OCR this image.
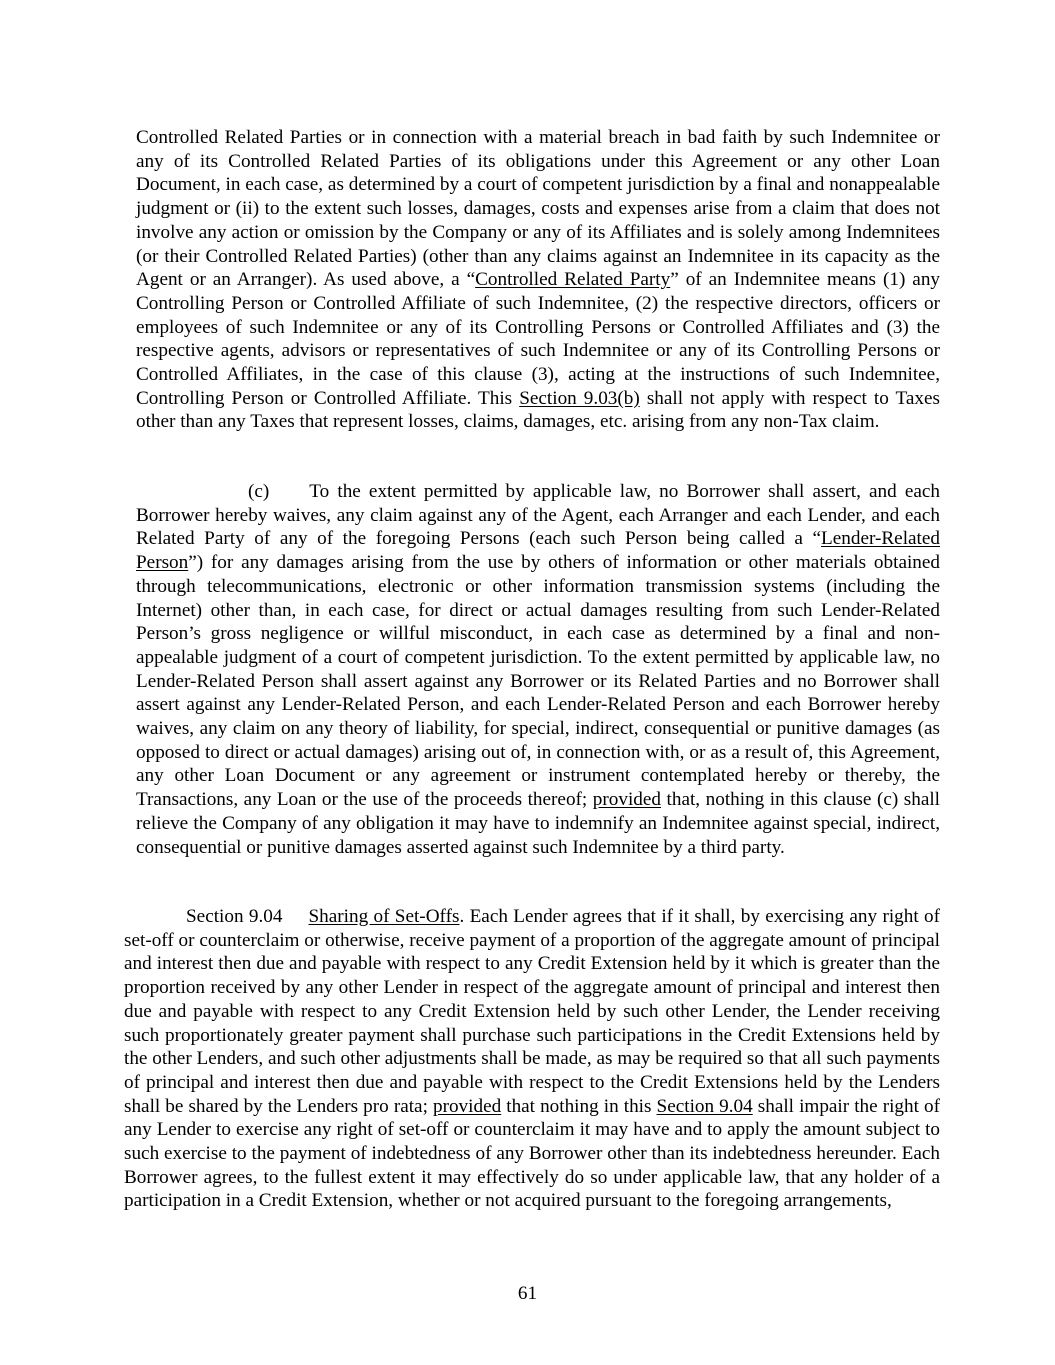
Controlled Related Parties or in connection with a material breach in bad faith by such Indemnitee or any of its Controlled Related Parties of its obligations under this Agreement or any other Loan Document, in each case, as determined by a court of competent jurisdiction by a final and nonappealable judgment or (ii) to the extent such losses, damages, costs and expenses arise from a claim that does not involve any action or omission by the Company or any of its Affiliates and is solely among Indemnitees (or their Controlled Related Parties) (other than any claims against an Indemnitee in its capacity as the Agent or an Arranger). As used above, a “Controlled Related Party” of an Indemnitee means (1) any Controlling Person or Controlled Affiliate of such Indemnitee, (2) the respective directors, officers or employees of such Indemnitee or any of its Controlling Persons or Controlled Affiliates and (3) the respective agents, advisors or representatives of such Indemnitee or any of its Controlling Persons or Controlled Affiliates, in the case of this clause (3), acting at the instructions of such Indemnitee, Controlling Person or Controlled Affiliate. This Section 9.03(b) shall not apply with respect to Taxes other than any Taxes that represent losses, claims, damages, etc. arising from any non-Tax claim.

(c) To the extent permitted by applicable law, no Borrower shall assert, and each Borrower hereby waives, any claim against any of the Agent, each Arranger and each Lender, and each Related Party of any of the foregoing Persons (each such Person being called a “Lender-Related Person”) for any damages arising from the use by others of information or other materials obtained through telecommunications, electronic or other information transmission systems (including the Internet) other than, in each case, for direct or actual damages resulting from such Lender-Related Person’s gross negligence or willful misconduct, in each case as determined by a final and non-appealable judgment of a court of competent jurisdiction. To the extent permitted by applicable law, no Lender-Related Person shall assert against any Borrower or its Related Parties and no Borrower shall assert against any Lender-Related Person, and each Lender-Related Person and each Borrower hereby waives, any claim on any theory of liability, for special, indirect, consequential or punitive damages (as opposed to direct or actual damages) arising out of, in connection with, or as a result of, this Agreement, any other Loan Document or any agreement or instrument contemplated hereby or thereby, the Transactions, any Loan or the use of the proceeds thereof; provided that, nothing in this clause (c) shall relieve the Company of any obligation it may have to indemnify an Indemnitee against special, indirect, consequential or punitive damages asserted against such Indemnitee by a third party.

Section 9.04 Sharing of Set-Offs. Each Lender agrees that if it shall, by exercising any right of set-off or counterclaim or otherwise, receive payment of a proportion of the aggregate amount of principal and interest then due and payable with respect to any Credit Extension held by it which is greater than the proportion received by any other Lender in respect of the aggregate amount of principal and interest then due and payable with respect to any Credit Extension held by such other Lender, the Lender receiving such proportionately greater payment shall purchase such participations in the Credit Extensions held by the other Lenders, and such other adjustments shall be made, as may be required so that all such payments of principal and interest then due and payable with respect to the Credit Extensions held by the Lenders shall be shared by the Lenders pro rata; provided that nothing in this Section 9.04 shall impair the right of any Lender to exercise any right of set-off or counterclaim it may have and to apply the amount subject to such exercise to the payment of indebtedness of any Borrower other than its indebtedness hereunder. Each Borrower agrees, to the fullest extent it may effectively do so under applicable law, that any holder of a participation in a Credit Extension, whether or not acquired pursuant to the foregoing arrangements,

61
